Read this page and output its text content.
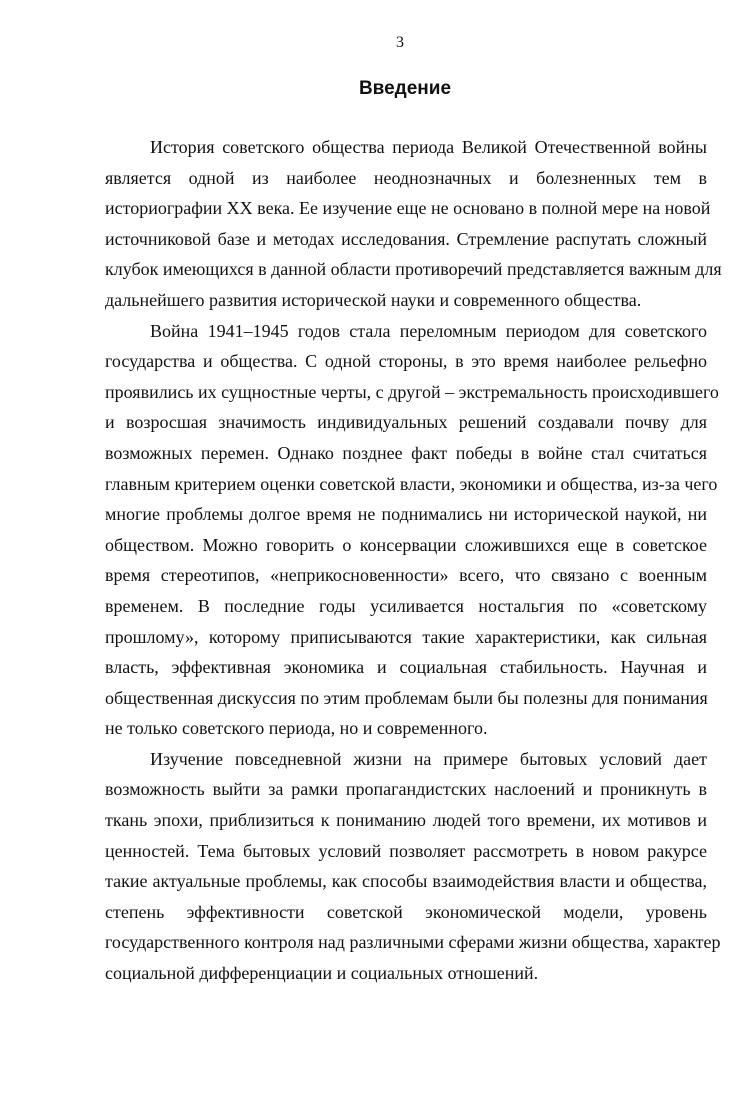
3
Введение
История советского общества периода Великой Отечественной войны
является одной из наиболее неоднозначных и болезненных тем в
историографии XX века. Ее изучение еще не основано в полной мере на новой
источниковой базе и методах исследования. Стремление распутать сложный
клубок имеющихся в данной области противоречий представляется важным для
дальнейшего развития исторической науки и современного общества.
Война 1941–1945 годов стала переломным периодом для советского
государства и общества. С одной стороны, в это время наиболее рельефно
проявились их сущностные черты, с другой – экстремальность происходившего
и возросшая значимость индивидуальных решений создавали почву для
возможных перемен. Однако позднее факт победы в войне стал считаться
главным критерием оценки советской власти, экономики и общества, из-за чего
многие проблемы долгое время не поднимались ни исторической наукой, ни
обществом. Можно говорить о консервации сложившихся еще в советское
время стереотипов, «неприкосновенности» всего, что связано с военным
временем. В последние годы усиливается ностальгия по «советскому
прошлому», которому приписываются такие характеристики, как сильная
власть, эффективная экономика и социальная стабильность. Научная и
общественная дискуссия по этим проблемам были бы полезны для понимания
не только советского периода, но и современного.
Изучение повседневной жизни на примере бытовых условий дает
возможность выйти за рамки пропагандистских наслоений и проникнуть в
ткань эпохи, приблизиться к пониманию людей того времени, их мотивов и
ценностей. Тема бытовых условий позволяет рассмотреть в новом ракурсе
такие актуальные проблемы, как способы взаимодействия власти и общества,
степень эффективности советской экономической модели, уровень
государственного контроля над различными сферами жизни общества, характер
социальной дифференциации и социальных отношений.
